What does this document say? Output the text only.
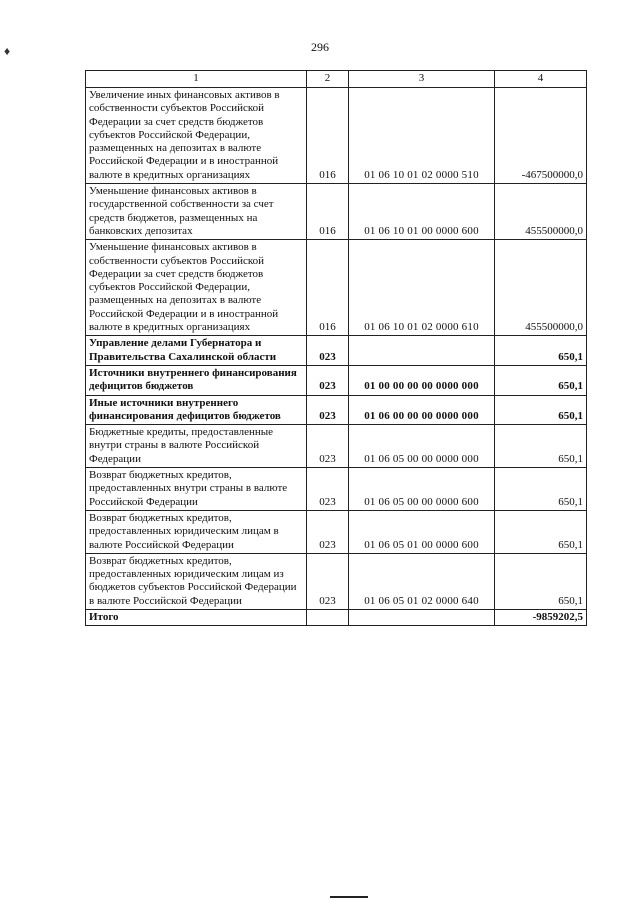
296
♦
1	2	3	4
Увеличение иных финансовых активов в собственности субъектов Российской Федерации за счет средств бюджетов субъектов Российской Федерации, размещенных на депозитах в валюте Российской Федерации и в иностранной валюте в кредитных организациях	016	01 06 10 01 02 0000 510	-467500000,0
Уменьшение финансовых активов в государственной собственности за счет средств бюджетов, размещенных на банковских депозитах	016	01 06 10 01 00 0000 600	455500000,0
Уменьшение финансовых активов в собственности субъектов Российской Федерации за счет средств бюджетов субъектов Российской Федерации, размещенных на депозитах в валюте Российской Федерации и в иностранной валюте в кредитных организациях	016	01 06 10 01 02 0000 610	455500000,0
Управление делами Губернатора и Правительства Сахалинской области	023		650,1
Источники внутреннего финансирования дефицитов бюджетов	023	01 00 00 00 00 0000 000	650,1
Иные источники внутреннего финансирования дефицитов бюджетов	023	01 06 00 00 00 0000 000	650,1
Бюджетные кредиты, предоставленные внутри страны в валюте Российской Федерации	023	01 06 05 00 00 0000 000	650,1
Возврат бюджетных кредитов, предоставленных внутри страны в валюте Российской Федерации	023	01 06 05 00 00 0000 600	650,1
Возврат бюджетных кредитов, предоставленных юридическим лицам в валюте Российской Федерации	023	01 06 05 01 00 0000 600	650,1
Возврат бюджетных кредитов, предоставленных юридическим лицам из бюджетов субъектов Российской Федерации в валюте Российской Федерации	023	01 06 05 01 02 0000 640	650,1
Итого			-9859202,5
